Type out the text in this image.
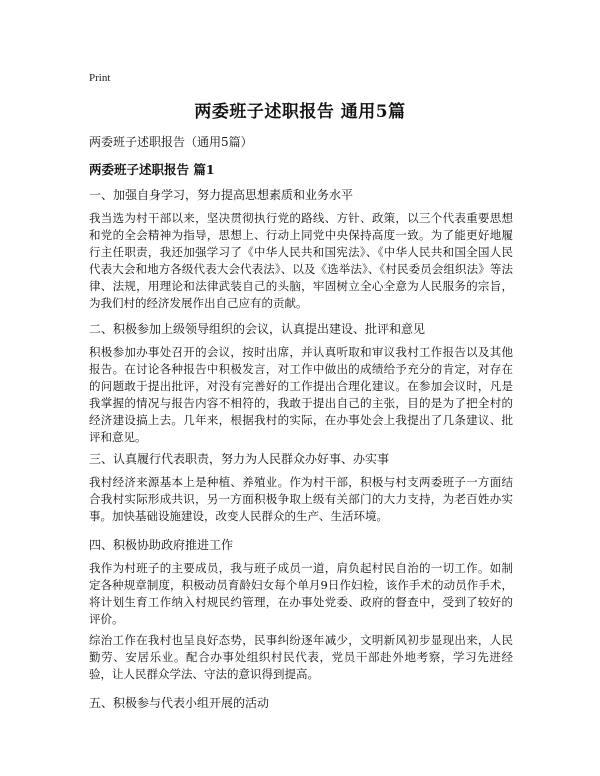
Print
两委班子述职报告 通用5篇
两委班子述职报告（通用5篇）
两委班子述职报告 篇1
一、加强自身学习，努力提高思想素质和业务水平
我当选为村干部以来，坚决贯彻执行党的路线、方针、政策，以三个代表重要思想和党的全会精神为指导，思想上、行动上同党中央保持高度一致。为了能更好地履行主任职责，我还加强学习了《中华人民共和国宪法》、《中华人民共和国全国人民代表大会和地方各级代表大会代表法》、以及《选举法》、《村民委员会组织法》等法律、法规，用理论和法律武装自己的头脑，牢固树立全心全意为人民服务的宗旨，为我们村的经济发展作出自己应有的贡献。
二、积极参加上级领导组织的会议，认真提出建设、批评和意见
积极参加办事处召开的会议，按时出席，并认真听取和审议我村工作报告以及其他报告。在讨论各种报告中积极发言，对工作中做出的成绩给予充分的肯定，对存在的问题敢于提出批评，对没有完善好的工作提出合理化建议。在参加会议时，凡是我掌握的情况与报告内容不相符的，我敢于提出自己的主张，目的是为了把全村的经济建设搞上去。几年来，根据我村的实际，在办事处会上我提出了几条建议、批评和意见。
三、认真履行代表职责，努力为人民群众办好事、办实事
我村经济来源基本上是种植、养殖业。作为村干部，积极与村支两委班子一方面结合我村实际形成共识，另一方面积极争取上级有关部门的大力支持，为老百姓办实事。加快基础设施建设，改变人民群众的生产、生活环境。
四、积极协助政府推进工作
我作为村班子的主要成员，我与班子成员一道，肩负起村民自治的一切工作。如制定各种规章制度，积极动员育龄妇女每个单月9日作妇检，该作手术的动员作手术，将计划生育工作纳入村规民约管理，在办事处党委、政府的督查中，受到了较好的评价。
综治工作在我村也呈良好态势，民事纠纷逐年减少，文明新风初步显现出来，人民勤劳、安居乐业。配合办事处组织村民代表，党员干部赴外地考察，学习先进经验，让人民群众学法、守法的意识得到提高。
五、积极参与代表小组开展的活动
